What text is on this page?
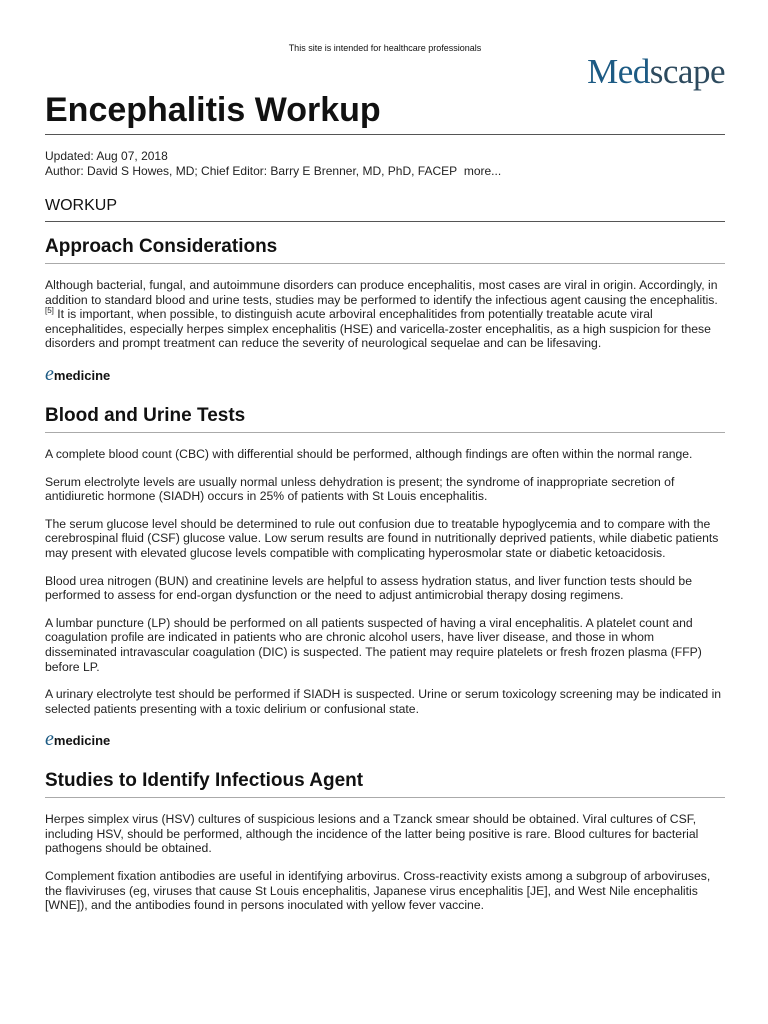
This site is intended for healthcare professionals
Medscape
Encephalitis Workup
Updated: Aug 07, 2018
Author: David S Howes, MD; Chief Editor: Barry E Brenner, MD, PhD, FACEP more...
WORKUP
Approach Considerations

Although bacterial, fungal, and autoimmune disorders can produce encephalitis, most cases are viral in origin. Accordingly, in addition to standard blood and urine tests, studies may be performed to identify the infectious agent causing the encephalitis. [5] It is important, when possible, to distinguish acute arboviral encephalitides from potentially treatable acute viral encephalitides, especially herpes simplex encephalitis (HSE) and varicella-zoster encephalitis, as a high suspicion for these disorders and prompt treatment can reduce the severity of neurological sequelae and can be lifesaving.

emedicine
Blood and Urine Tests

A complete blood count (CBC) with differential should be performed, although findings are often within the normal range.

Serum electrolyte levels are usually normal unless dehydration is present; the syndrome of inappropriate secretion of antidiuretic hormone (SIADH) occurs in 25% of patients with St Louis encephalitis.

The serum glucose level should be determined to rule out confusion due to treatable hypoglycemia and to compare with the cerebrospinal fluid (CSF) glucose value. Low serum results are found in nutritionally deprived patients, while diabetic patients may present with elevated glucose levels compatible with complicating hyperosmolar state or diabetic ketoacidosis.

Blood urea nitrogen (BUN) and creatinine levels are helpful to assess hydration status, and liver function tests should be performed to assess for end-organ dysfunction or the need to adjust antimicrobial therapy dosing regimens.

A lumbar puncture (LP) should be performed on all patients suspected of having a viral encephalitis. A platelet count and coagulation profile are indicated in patients who are chronic alcohol users, have liver disease, and those in whom disseminated intravascular coagulation (DIC) is suspected. The patient may require platelets or fresh frozen plasma (FFP) before LP.

A urinary electrolyte test should be performed if SIADH is suspected. Urine or serum toxicology screening may be indicated in selected patients presenting with a toxic delirium or confusional state.

emedicine
Studies to Identify Infectious Agent

Herpes simplex virus (HSV) cultures of suspicious lesions and a Tzanck smear should be obtained. Viral cultures of CSF, including HSV, should be performed, although the incidence of the latter being positive is rare. Blood cultures for bacterial pathogens should be obtained.

Complement fixation antibodies are useful in identifying arbovirus. Cross-reactivity exists among a subgroup of arboviruses, the flaviviruses (eg, viruses that cause St Louis encephalitis, Japanese virus encephalitis [JE], and West Nile encephalitis [WNE]), and the antibodies found in persons inoculated with yellow fever vaccine.
